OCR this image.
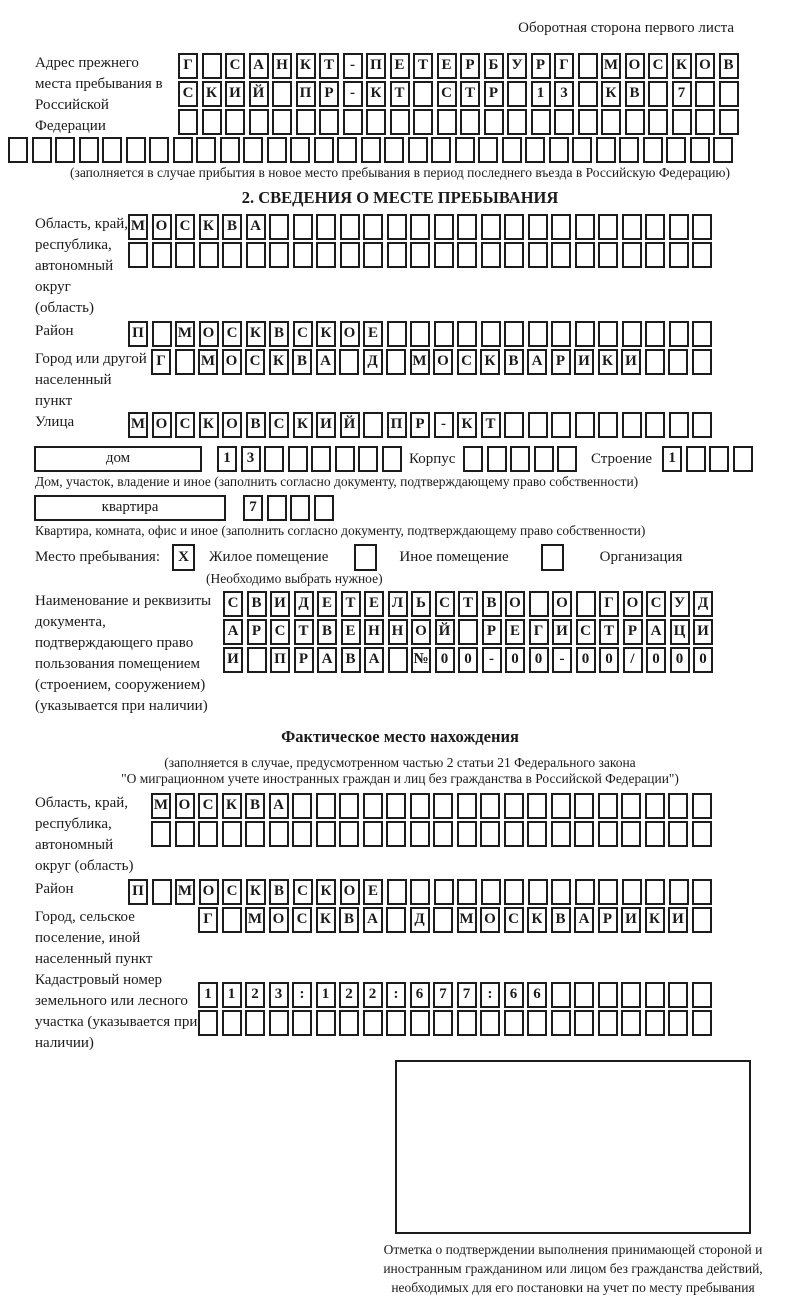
Оборотная сторона первого листа
Адрес прежнего места пребывания в Российской Федерации
Г С А Н К Т - П Е Т Е Р Б У Р Г М О С К О В
С К И Й П Р - К Т С Т Р	1 3	К В	7
(заполняется в случае прибытия в новое место пребывания в период последнего въезда в Российскую Федерацию)
2. СВЕДЕНИЯ О МЕСТЕ ПРЕБЫВАНИЯ
Область, край, республика, автономный округ (область)
М О С К В А
Район	П М О С К В С К О Е
Город или другой населенный пункт
Г М О С К В А Д М О С К В А Р И К И
Улица	М О С К О В С К И Й П Р - К Т
дом	1 3	Корпус	Строение 1
Дом, участок, владение и иное (заполнить согласно документу, подтверждающему право собственности)
квартира	7
Квартира, комната, офис и иное (заполнить согласно документу, подтверждающему право собственности)
Место пребывания: X Жилое помещение	Иное помещение	Организация
(Необходимо выбрать нужное)
Наименование и реквизиты документа, подтверждающего право пользования помещением (строением, сооружением) (указывается при наличии)
С В И Д Е Т Е Л Ь С Т В О О Г О С У Д
А Р С Т В Е Н Н О Й Р Е Г И С Т Р А Ц И
И П Р А В А № 0 0 - 0 0 - 0 0 / 0 0 0
Фактическое место нахождения
(заполняется в случае, предусмотренном частью 2 статьи 21 Федерального закона
"О миграционном учете иностранных граждан и лиц без гражданства в Российской Федерации")
Область, край, республика, автономный округ (область)
М О С К В А
Район	П М О С К В С К О Е
Город, сельское поселение, иной населенный пункт
Г М О С К В А Д М О С К В А Р И К И
Кадастровый номер земельного или лесного участка (указывается при наличии)
1 1 2 3 : 1 2 2 : 6 7 7 : 6 6
Отметка о подтверждении выполнения принимающей стороной и иностранным гражданином или лицом без гражданства действий, необходимых для его постановки на учет по месту пребывания
